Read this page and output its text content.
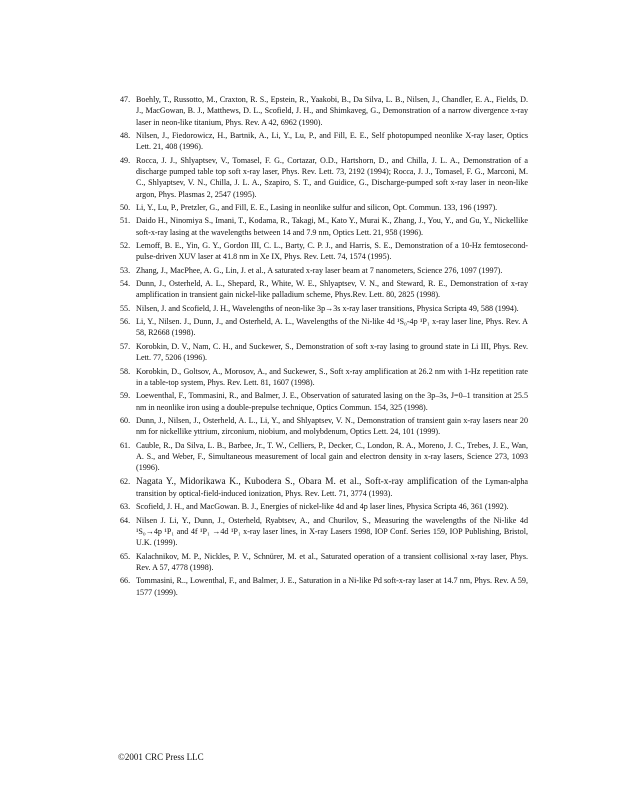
47. Boehly, T., Russotto, M., Craxton, R. S., Epstein, R., Yaakobi, B., Da Silva, L. B., Nilsen, J., Chandler, E. A., Fields, D. J., MacGowan, B. J., Matthews, D. L., Scofield, J. H., and Shimkaveg, G., Demonstration of a narrow divergence x-ray laser in neon-like titanium, Phys. Rev. A 42, 6962 (1990).
48. Nilsen, J., Fiedorowicz, H., Bartnik, A., Li, Y., Lu, P., and Fill, E. E., Self photopumped neonlike X-ray laser, Optics Lett. 21, 408 (1996).
49. Rocca, J. J., Shlyaptsev, V., Tomasel, F. G., Cortazar, O.D., Hartshorn, D., and Chilla, J. L. A., Demonstration of a discharge pumped table top soft x-ray laser, Phys. Rev. Lett. 73, 2192 (1994); Rocca, J. J., Tomasel, F. G., Marconi, M. C., Shlyaptsev, V. N., Chilla, J. L. A., Szapiro, S. T., and Guidice, G., Discharge-pumped soft x-ray laser in neon-like argon, Phys. Plasmas 2, 2547 (1995).
50. Li, Y., Lu, P., Pretzler, G., and Fill, E. E., Lasing in neonlike sulfur and silicon, Opt. Commun. 133, 196 (1997).
51. Daido H., Ninomiya S., Imani, T., Kodama, R., Takagi, M., Kato Y., Murai K., Zhang, J., You, Y., and Gu, Y., Nickellike soft-x-ray lasing at the wavelengths between 14 and 7.9 nm, Optics Lett. 21, 958 (1996).
52. Lemoff, B. E., Yin, G. Y., Gordon III, C. L., Barty, C. P. J., and Harris, S. E., Demonstration of a 10-Hz femtosecond-pulse-driven XUV laser at 41.8 nm in Xe IX, Phys. Rev. Lett. 74, 1574 (1995).
53. Zhang, J., MacPhee, A. G., Lin, J. et al., A saturated x-ray laser beam at 7 nanometers, Science 276, 1097 (1997).
54. Dunn, J., Osterheld, A. L., Shepard, R., White, W. E., Shlyaptsev, V. N., and Steward, R. E., Demonstration of x-ray amplification in transient gain nickel-like palladium scheme, Phys.Rev. Lett. 80, 2825 (1998).
55. Nilsen, J. and Scofield, J. H., Wavelengths of neon-like 3p→3s x-ray laser transitions, Physica Scripta 49, 588 (1994).
56. Li, Y., Nilsen. J., Dunn, J., and Osterheld, A. L., Wavelengths of the Ni-like 4d ¹S₀-4p ¹P₁ x-ray laser line, Phys. Rev. A 58, R2668 (1998).
57. Korobkin, D. V., Nam, C. H., and Suckewer, S., Demonstration of soft x-ray lasing to ground state in Li III, Phys. Rev. Lett. 77, 5206 (1996).
58. Korobkin, D., Goltsov, A., Morosov, A., and Suckewer, S., Soft x-ray amplification at 26.2 nm with 1-Hz repetition rate in a table-top system, Phys. Rev. Lett. 81, 1607 (1998).
59. Loewenthal, F., Tommasini, R., and Balmer, J. E., Observation of saturated lasing on the 3p–3s, J=0–1 transition at 25.5 nm in neonlike iron using a double-prepulse technique, Optics Commun. 154, 325 (1998).
60. Dunn, J., Nilsen, J., Osterheld, A. L., Li, Y., and Shlyaptsev, V. N., Demonstration of transient gain x-ray lasers near 20 nm for nickellike yttrium, zirconium, niobium, and molybdenum, Optics Lett. 24, 101 (1999).
61. Cauble, R., Da Silva, L. B., Barbee, Jr., T. W., Celliers, P., Decker, C., London, R. A., Moreno, J. C., Trebes, J. E., Wan, A. S., and Weber, F., Simultaneous measurement of local gain and electron density in x-ray lasers, Science 273, 1093 (1996).
62. Nagata Y., Midorikawa K., Kubodera S., Obara M. et al., Soft-x-ray amplification of the Lyman-alpha transition by optical-field-induced ionization, Phys. Rev. Lett. 71, 3774 (1993).
63. Scofield, J. H., and MacGowan. B. J., Energies of nickel-like 4d and 4p laser lines, Physica Scripta 46, 361 (1992).
64. Nilsen J. Li, Y., Dunn, J., Osterheld, Ryabtsev, A., and Churilov, S., Measuring the wavelengths of the Ni-like 4d ¹S₀→4p ¹P₁ and 4f ¹P₁ →4d ¹P₁ x-ray laser lines, in X-ray Lasers 1998, IOP Conf. Series 159, IOP Publishing, Bristol, U.K. (1999).
65. Kalachnikov, M. P., Nickles, P. V., Schnürer, M. et al., Saturated operation of a transient collisional x-ray laser, Phys. Rev. A 57, 4778 (1998).
66. Tommasini, R.., Lowenthal, F., and Balmer, J. E., Saturation in a Ni-like Pd soft-x-ray laser at 14.7 nm, Phys. Rev. A 59, 1577 (1999).
©2001 CRC Press LLC
